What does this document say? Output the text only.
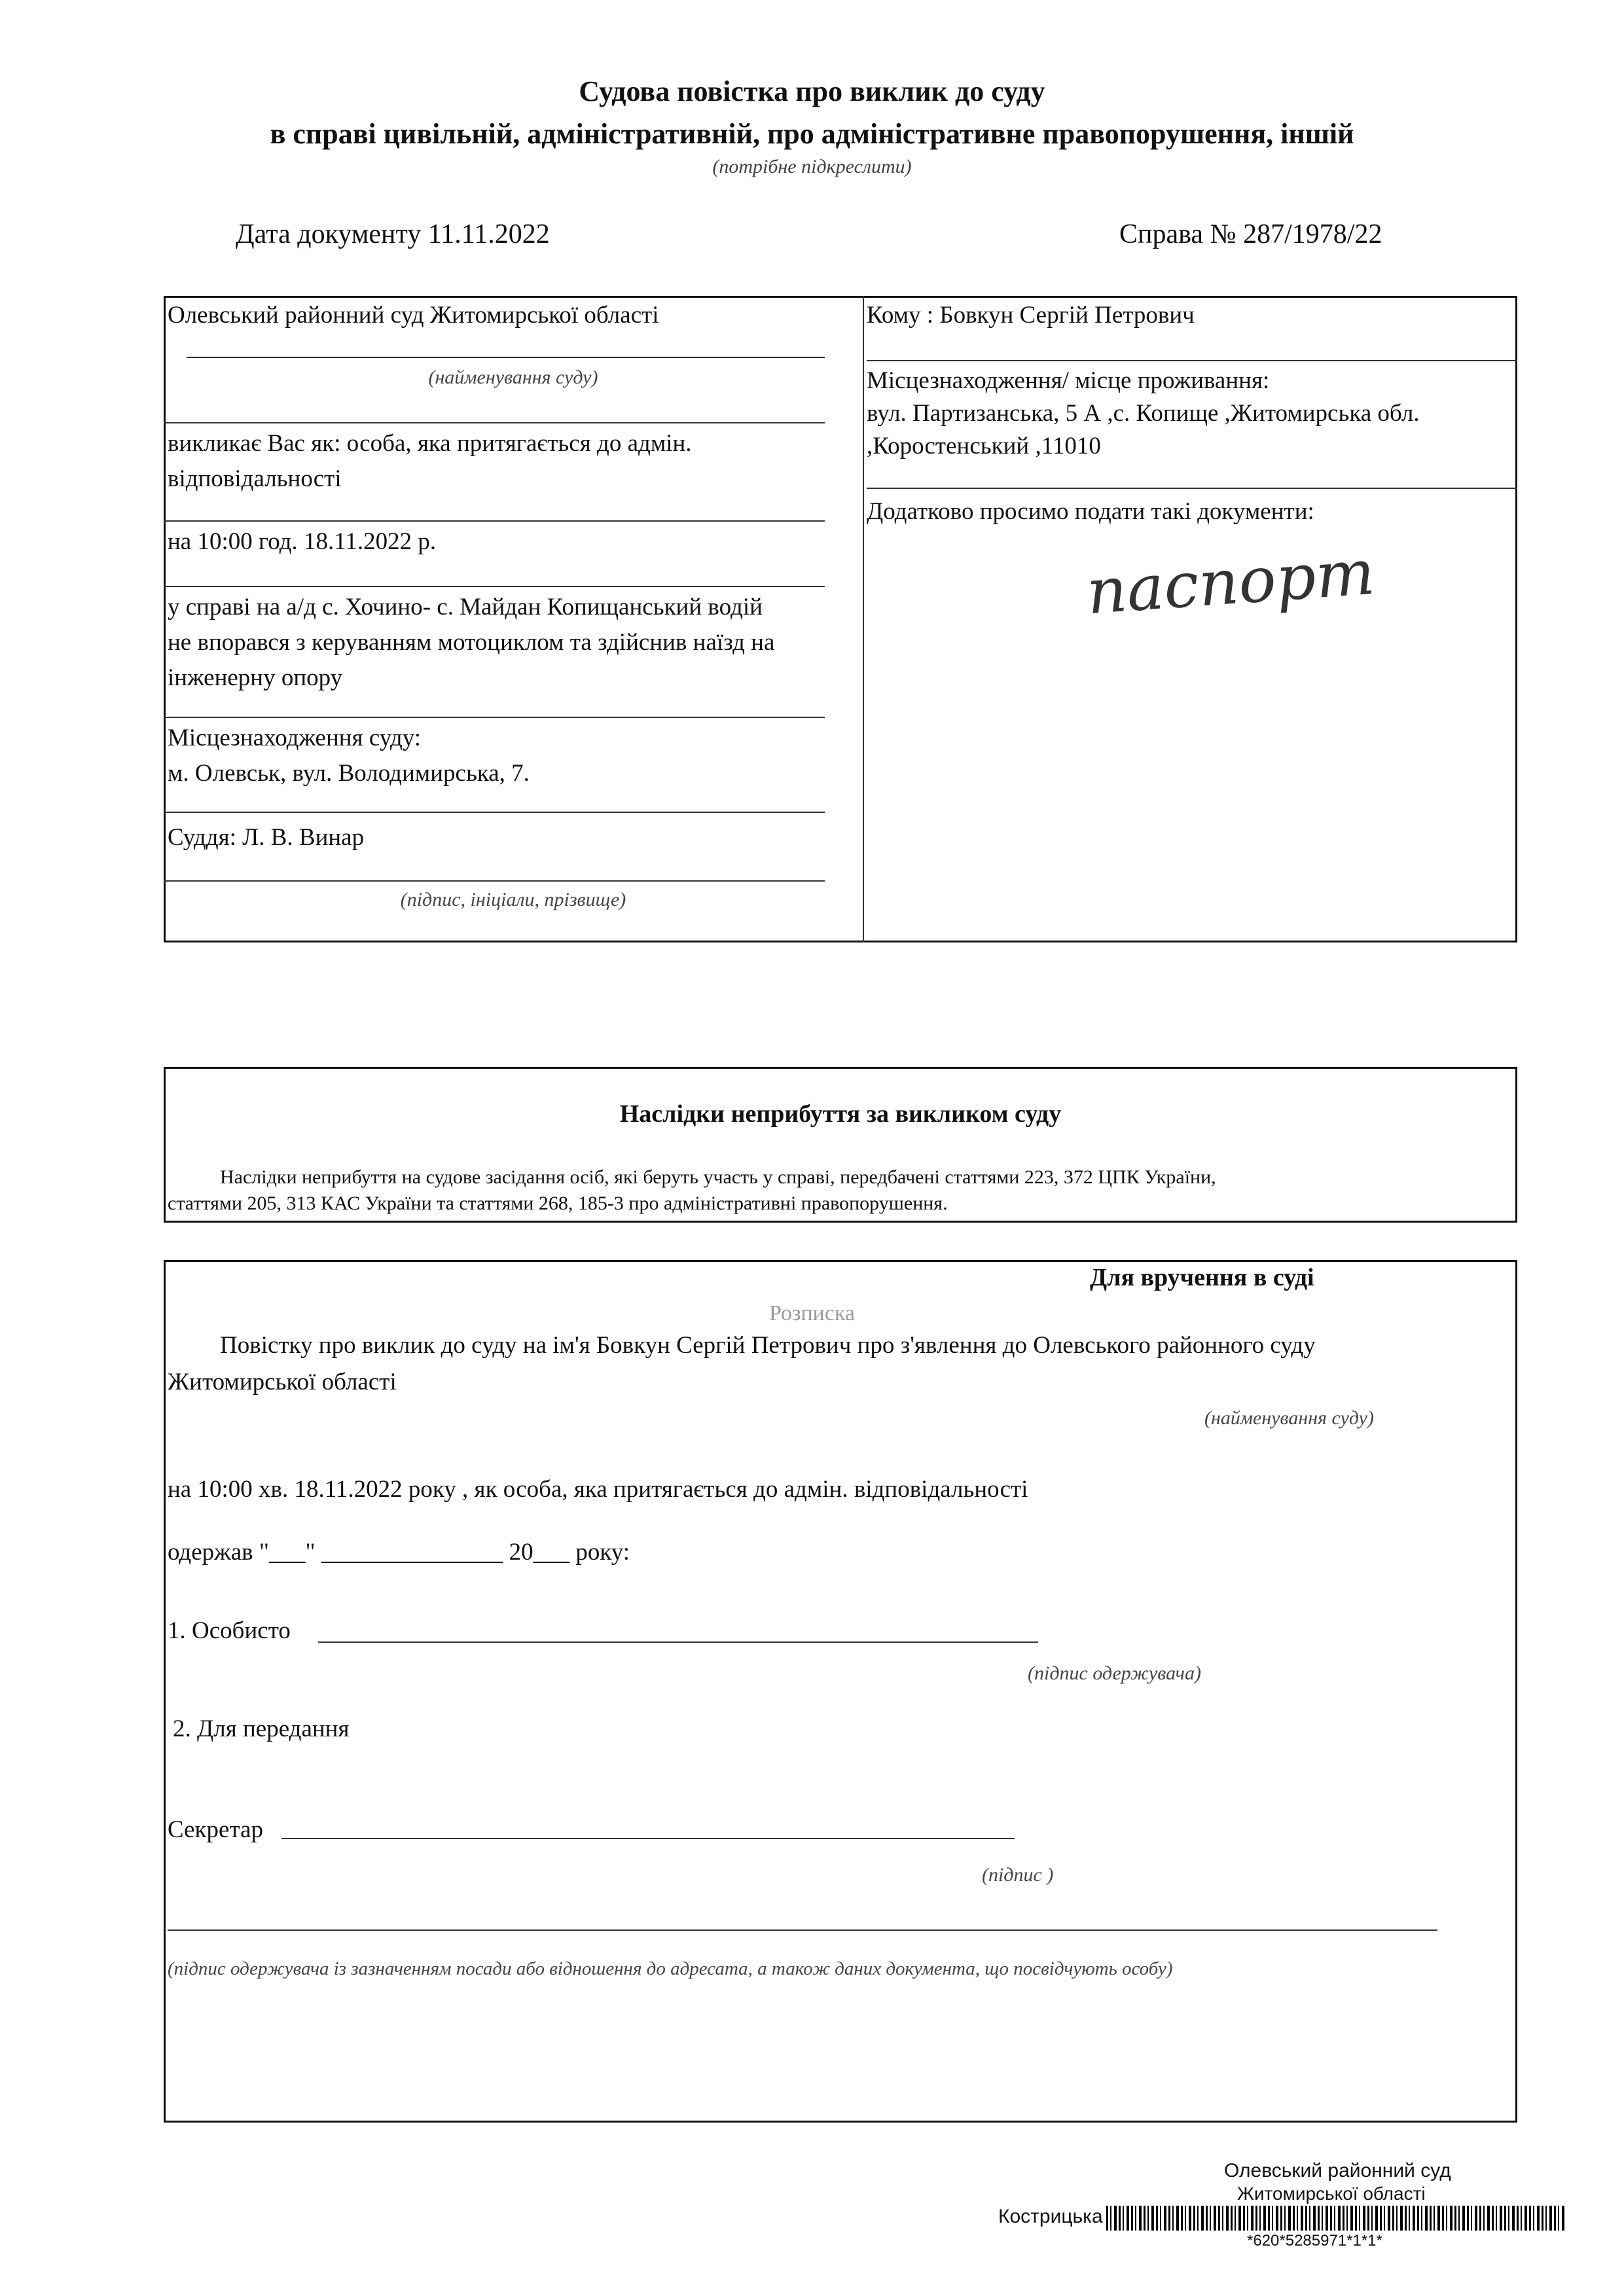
Судова повістка про виклик до суду
в справі цивільній, адміністративній, про адміністративне правопорушення, іншій
(потрібне підкреслити)
Дата документу 11.11.2022	Справа № 287/1978/22
Олевський районний суд Житомирської області
(найменування суду)
викликає Вас як: особа, яка притягається до адмін.
відповідальності
на 10:00 год. 18.11.2022 р.
у справі на а/д с. Хочино- с. Майдан Копищанський водій
не впорався з керуванням мотоциклом та здійснив наїзд на
інженерну опору
Місцезнаходження суду:
м. Олевськ, вул. Володимирська, 7.
Суддя: Л. В. Винар
(підпис, ініціали, прізвище)
Кому : Бовкун Сергій Петрович
Місцезнаходження/ місце проживання:
вул. Партизанська, 5 А ,с. Копище ,Житомирська обл.
,Коростенський ,11010
Додатково просимо подати такі документи:
паспорт
Наслідки неприбуття за викликом суду
Наслідки неприбуття на судове засідання осіб, які беруть участь у справі, передбачені статтями 223, 372 ЦПК України,
статтями 205, 313 КАС України та статтями 268, 185-3 про адміністративні правопорушення.
Для вручення в суді
Розписка
Повістку про виклик до суду на ім'я Бовкун Сергій Петрович про з'явлення до Олевського районного суду
Житомирської області
(найменування суду)
на 10:00 хв. 18.11.2022 року , як особа, яка притягається до адмін. відповідальності
одержав "___" _______________ 20___ року:
1. Особисто
(підпис одержувача)
2. Для передання
Секретар
(підпис )
(підпис одержувача із зазначенням посади або відношення до адресата, а також даних документа, що посвідчують особу)
Олевський районний суд
Житомирської області
Кострицька
*620*5285971*1*1*
